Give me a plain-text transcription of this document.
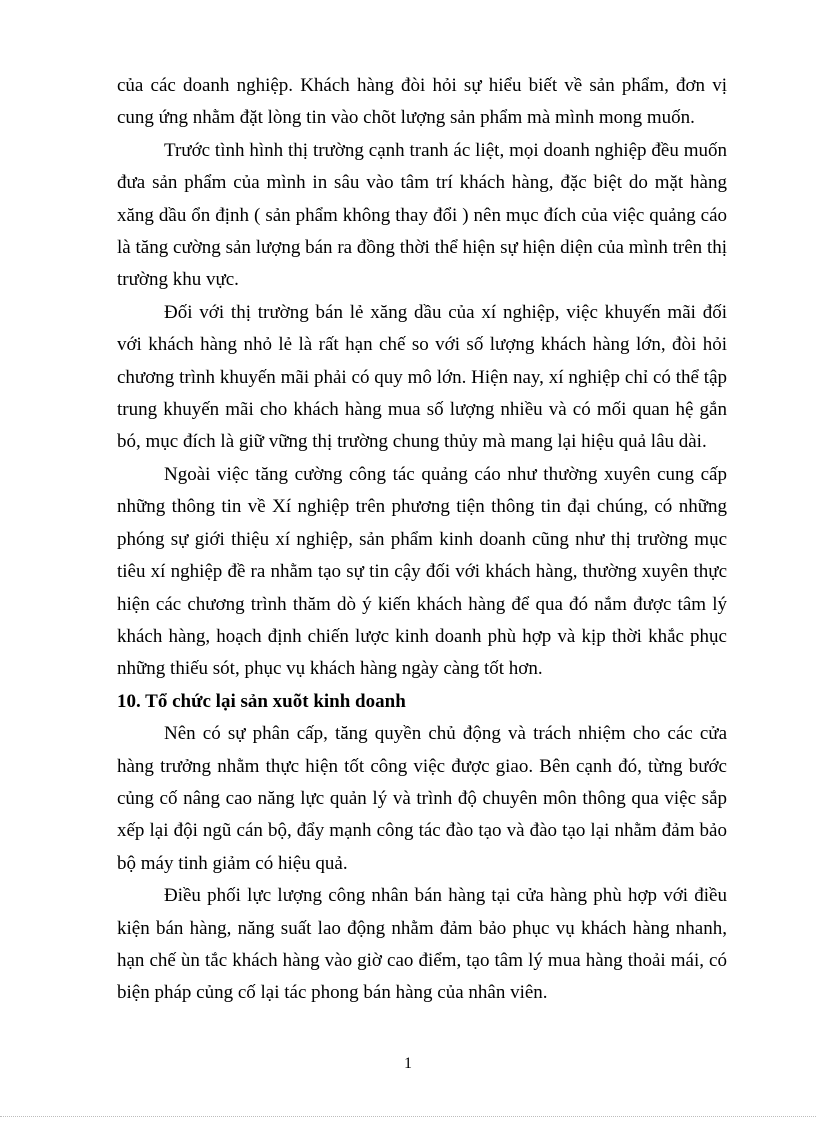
của các doanh nghiệp. Khách hàng đòi hỏi sự hiểu biết về sản phẩm, đơn vị cung ứng nhằm đặt lòng tin vào chõt lượng sản phẩm mà mình mong muốn.

Trước tình hình thị trường cạnh tranh ác liệt, mọi doanh nghiệp đều muốn đưa sản phẩm của mình in sâu vào tâm trí khách hàng, đặc biệt do mặt hàng xăng dầu ổn định ( sản phẩm không thay đổi ) nên mục đích của việc quảng cáo là tăng cường sản lượng bán ra đồng thời thể hiện sự hiện diện của mình trên thị trường khu vực.

Đối với thị trường bán lẻ xăng dầu của xí nghiệp, việc khuyến mãi đối với khách hàng nhỏ lẻ là rất hạn chế so với số lượng khách hàng lớn, đòi hỏi chương trình khuyến mãi phải có quy mô lớn. Hiện nay, xí nghiệp chỉ có thể tập trung khuyến mãi cho khách hàng mua số lượng nhiều và có mối quan hệ gắn bó, mục đích là giữ vững thị trường chung thủy mà mang lại hiệu quả lâu dài.

Ngoài việc tăng cường công tác quảng cáo như thường xuyên cung cấp những thông tin về Xí nghiệp trên phương tiện thông tin đại chúng, có những phóng sự giới thiệu xí nghiệp, sản phẩm kinh doanh cũng như thị trường mục tiêu xí nghiệp đề ra nhằm tạo sự tin cậy đối với khách hàng, thường xuyên thực hiện các chương trình thăm dò ý kiến khách hàng để qua đó nắm được tâm lý khách hàng, hoạch định chiến lược kinh doanh phù hợp và kịp thời khắc phục những thiếu sót, phục vụ khách hàng ngày càng tốt hơn.

10. Tổ chức lại sản xuõt kinh doanh

Nên có sự phân cấp, tăng quyền chủ động và trách nhiệm cho các cửa hàng trưởng nhằm thực hiện tốt công việc được giao. Bên cạnh đó, từng bước củng cố nâng cao năng lực quản lý và trình độ chuyên môn thông qua việc sắp xếp lại đội ngũ cán bộ, đẩy mạnh công tác đào tạo và đào tạo lại nhằm đảm bảo bộ máy tinh giảm có hiệu quả.

Điều phối lực lượng công nhân bán hàng tại cửa hàng phù hợp với điều kiện bán hàng, năng suất lao động nhằm đảm bảo phục vụ khách hàng nhanh, hạn chế ùn tắc khách hàng vào giờ cao điểm, tạo tâm lý mua hàng thoải mái, có biện pháp củng cố lại tác phong bán hàng của nhân viên.

1
